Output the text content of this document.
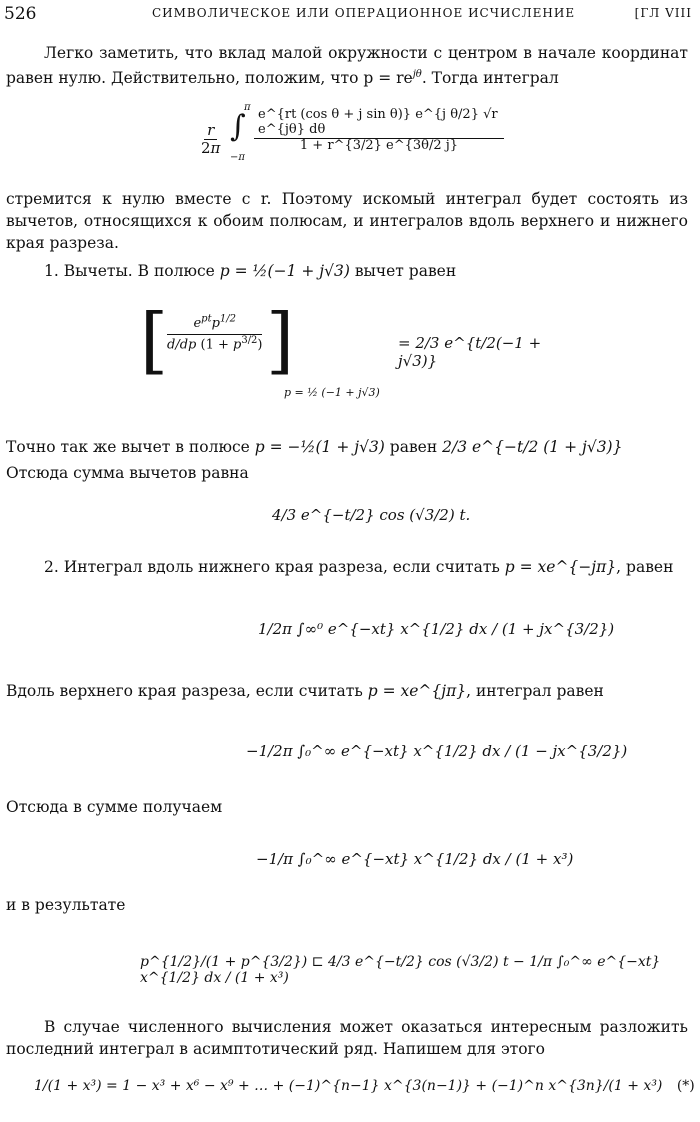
526	СИМВОЛИЧЕСКОЕ ИЛИ ОПЕРАЦИОННОЕ ИСЧИСЛЕНИЕ	[ГЛ VIII
Легко заметить, что вклад малой окружности с центром в начале координат равен нулю. Действительно, положим, что $p = re^{j\theta}$. Тогда интеграл
$\frac{r}{2\pi}$ ∫
π
−π
$\frac{\text{e\textasciicircum{}\{rt (cos θ + j sin θ)\} e\textasciicircum{}\{j θ/2\} √r e\textasciicircum{}\{jθ\} dθ}}{1 + r\^{}\{3/2\} e\^{}\{3\theta/2 j\}}$
стремится к нулю вместе с r. Поэтому искомый интеграл будет состоять из вычетов, относящихся к обоим полюсам, и интегралов вдоль верхнего и нижнего края разреза.
1. Вычеты. В полюсе p = ½(−1 + j√3) вычет равен
[	$e^{pt}p^{1/2}$
d/dp $(1 + p^{3/2})$ ]
p = ½ (−1 + j√3)
= 2/3 e^{t/2(−1 + j√3)}
Точно так же вычет в полюсе p = −½(1 + j√3) равен 2/3 e^{−t/2 (1 + j√3)}
Отсюда сумма вычетов равна
4/3 e^{−t/2} cos (√3/2) t.
2. Интеграл вдоль нижнего края разреза, если считать p = xe^{−jπ}, равен
1/2π ∫∞⁰ e^{−xt} x^{1/2} dx / (1 + jx^{3/2})
Вдоль верхнего края разреза, если считать p = xe^{jπ}, интеграл равен
−1/2π ∫₀^∞ e^{−xt} x^{1/2} dx / (1 − jx^{3/2})
Отсюда в сумме получаем
−1/π ∫₀^∞ e^{−xt} x^{1/2} dx / (1 + x³)
и в результате
p^{1/2}/(1 + p^{3/2}) ⊏ 4/3 e^{−t/2} cos (√3/2) t − 1/π ∫₀^∞ e^{−xt} x^{1/2} dx / (1 + x³)
В случае численного вычисления может оказаться интересным разложить последний интеграл в асимптотический ряд. Напишем для этого
1/(1 + x³) = 1 − x³ + x⁶ − x⁹ + … + (−1)^{n−1} x^{3(n−1)} + (−1)^n x^{3n}/(1 + x³) (*)
